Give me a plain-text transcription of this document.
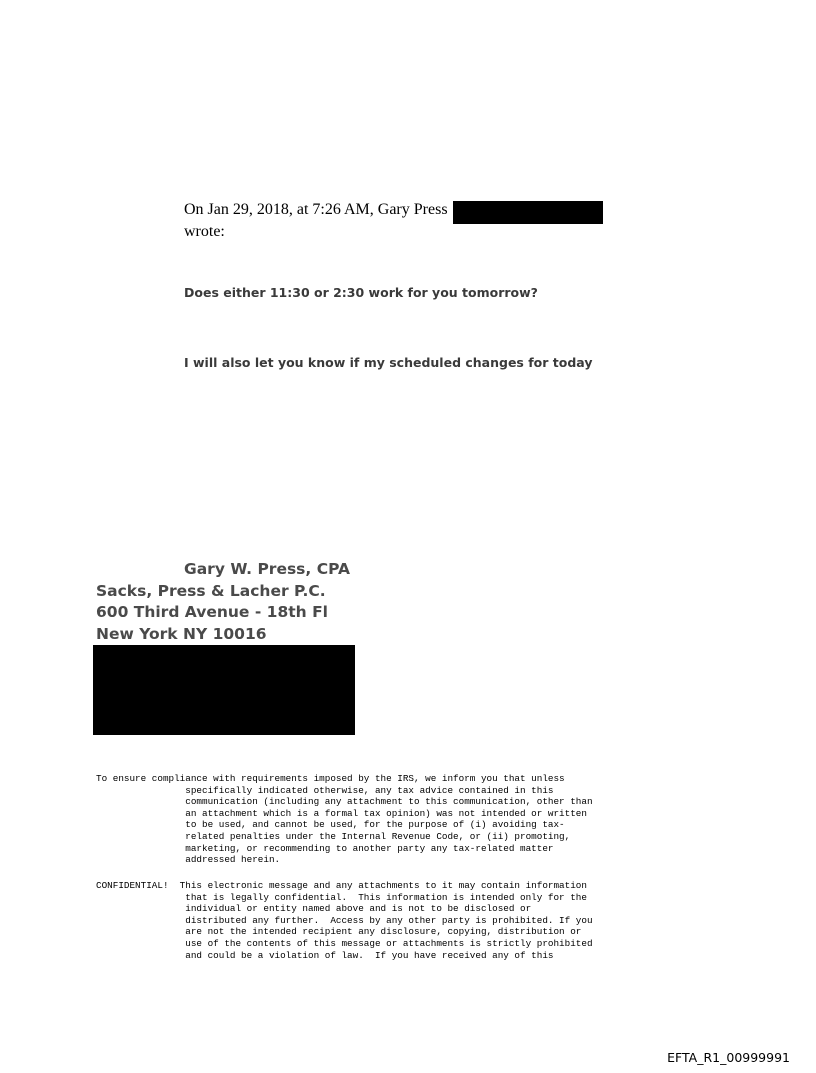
On Jan 29, 2018, at 7:26 AM, Gary Press
wrote:
Does either 11:30 or 2:30 work for you tomorrow?
I will also let you know if my scheduled changes for today
Gary W. Press, CPA
Sacks, Press & Lacher P.C.
600 Third Avenue - 18th Fl
New York NY 10016
To ensure compliance with requirements imposed by the IRS, we inform you that unless
specifically indicated otherwise, any tax advice contained in this
communication (including any attachment to this communication, other than
an attachment which is a formal tax opinion) was not intended or written
to be used, and cannot be used, for the purpose of (i) avoiding tax-
related penalties under the Internal Revenue Code, or (ii) promoting,
marketing, or recommending to another party any tax-related matter
addressed herein.
CONFIDENTIAL!  This electronic message and any attachments to it may contain information
that is legally confidential.  This information is intended only for the
individual or entity named above and is not to be disclosed or
distributed any further.  Access by any other party is prohibited. If you
are not the intended recipient any disclosure, copying, distribution or
use of the contents of this message or attachments is strictly prohibited
and could be a violation of law.  If you have received any of this
EFTA_R1_00999991
